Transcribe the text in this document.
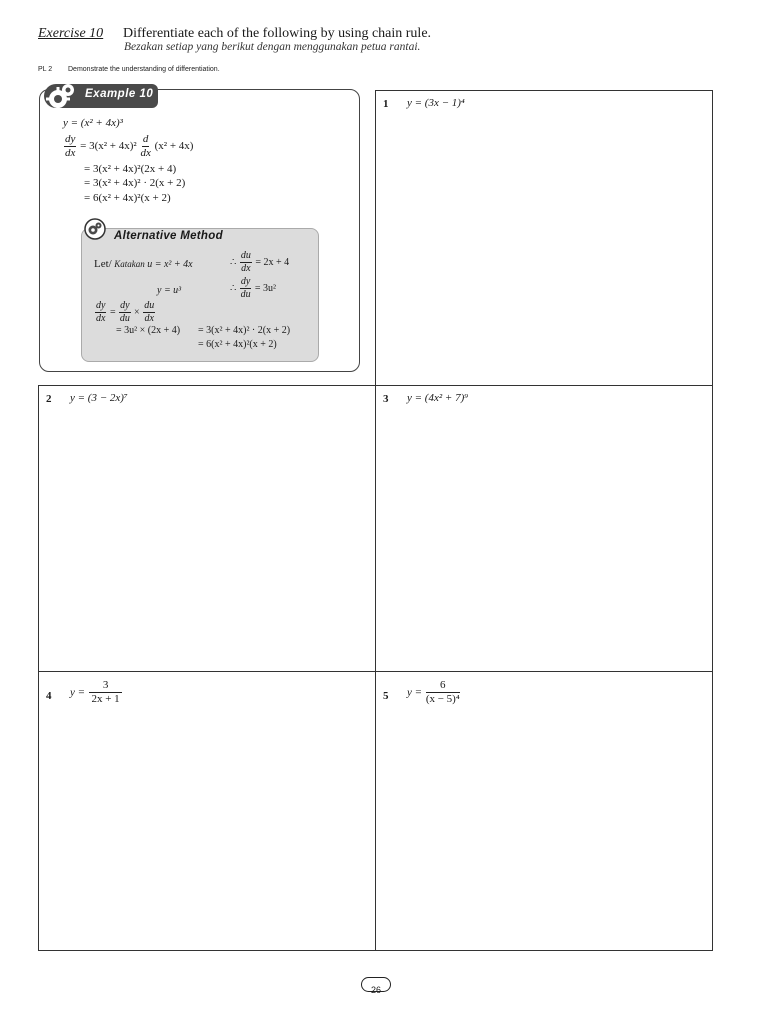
Exercise 10 Differentiate each of the following by using chain rule.
Bezakan setiap yang berikut dengan menggunakan petua rantai.
PL 2 Demonstrate the understanding of differentiation.
1 y = (3x − 1)⁴
2 y = (3 − 2x)⁷	3 y = (4x² + 7)⁹
4 $y = \frac{3}{2x + 1}$	5 $y = \frac{6}{\text{(x − 5)⁴}}$
Example 10
y = (x² + 4x)³
$\frac{dy}{dx} = 3(x^2 + 4x)^2 \frac{d}{dx} (x^2 + 4x)$
= 3(x² + 4x)²(2x + 4)
= 3(x² + 4x)² · 2(x + 2)
= 6(x² + 4x)²(x + 2)
Alternative Method
Let/ Katakan u = x² + 4x	∴ $\frac{du}{dx} = 2x + 4$
y = u³	∴ $\frac{dy}{du} = 3u^2$
$\frac{dy}{dx} = \frac{dy}{du} \times \frac{du}{dx}$
= 3u² × (2x + 4) = 3(x² + 4x)² · 2(x + 2)
= 6(x² + 4x)²(x + 2)
26
